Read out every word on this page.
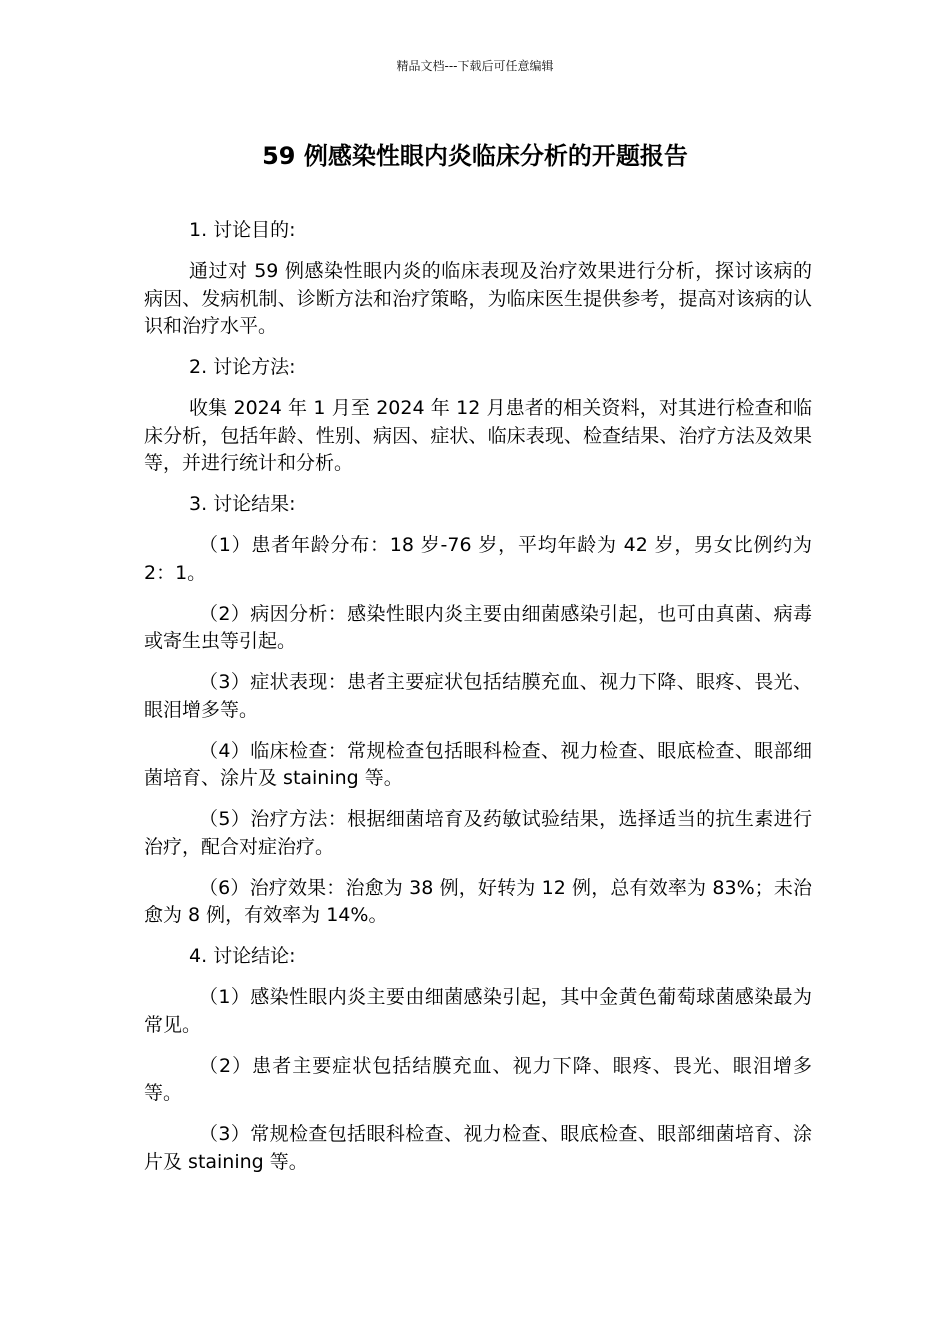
精品文档---下载后可任意编辑
59 例感染性眼内炎临床分析的开题报告

1. 讨论目的:

通过对 59 例感染性眼内炎的临床表现及治疗效果进行分析，探讨该病的病因、发病机制、诊断方法和治疗策略，为临床医生提供参考，提高对该病的认识和治疗水平。

2. 讨论方法:

收集 2024 年 1 月至 2024 年 12 月患者的相关资料，对其进行检查和临床分析，包括年龄、性别、病因、症状、临床表现、检查结果、治疗方法及效果等，并进行统计和分析。

3. 讨论结果:

（1）患者年龄分布：18 岁-76 岁，平均年龄为 42 岁，男女比例约为 2：1。

（2）病因分析：感染性眼内炎主要由细菌感染引起，也可由真菌、病毒或寄生虫等引起。

（3）症状表现：患者主要症状包括结膜充血、视力下降、眼疼、畏光、眼泪增多等。

（4）临床检查：常规检查包括眼科检查、视力检查、眼底检查、眼部细菌培育、涂片及 staining 等。

（5）治疗方法：根据细菌培育及药敏试验结果，选择适当的抗生素进行治疗，配合对症治疗。

（6）治疗效果：治愈为 38 例，好转为 12 例，总有效率为 83%；未治愈为 8 例，有效率为 14%。

4. 讨论结论:

（1）感染性眼内炎主要由细菌感染引起，其中金黄色葡萄球菌感染最为常见。

（2）患者主要症状包括结膜充血、视力下降、眼疼、畏光、眼泪增多等。

（3）常规检查包括眼科检查、视力检查、眼底检查、眼部细菌培育、涂片及 staining 等。
